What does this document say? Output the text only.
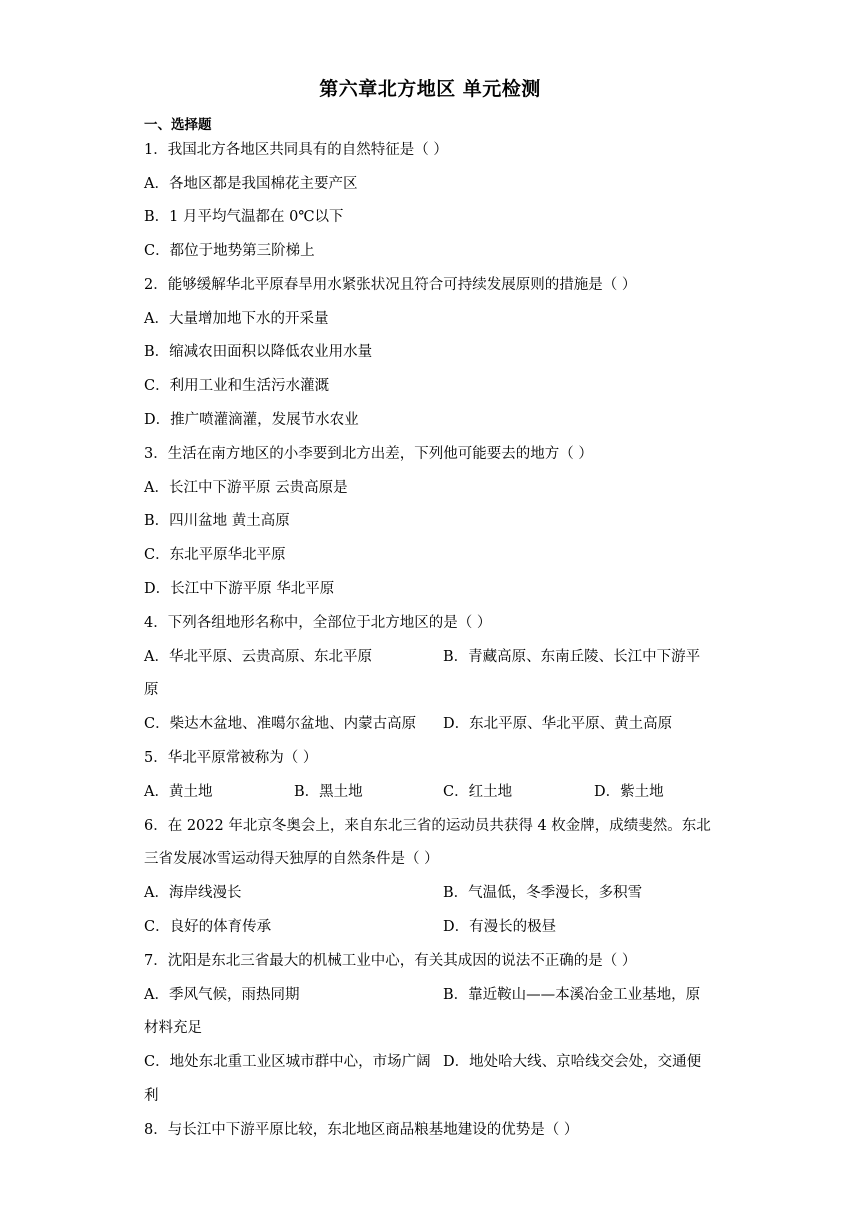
第六章北方地区 单元检测
一、选择题
1．我国北方各地区共同具有的自然特征是（ ）
A．各地区都是我国棉花主要产区
B．1 月平均气温都在 0℃以下
C．都位于地势第三阶梯上
2．能够缓解华北平原春旱用水紧张状况且符合可持续发展原则的措施是（ ）
A．大量增加地下水的开采量
B．缩减农田面积以降低农业用水量
C．利用工业和生活污水灌溉
D．推广喷灌滴灌，发展节水农业
3．生活在南方地区的小李要到北方出差，下列他可能要去的地方（ ）
A．长江中下游平原 云贵高原是
B．四川盆地 黄土高原
C．东北平原华北平原
D．长江中下游平原 华北平原
4．下列各组地形名称中，全部位于北方地区的是（ ）
A．华北平原、云贵高原、东北平原	B．青藏高原、东南丘陵、长江中下游平
原
C．柴达木盆地、准噶尔盆地、内蒙古高原 D．东北平原、华北平原、黄土高原
5．华北平原常被称为（ ）
A．黄土地	B．黑土地	C．红土地	D．紫土地
6．在 2022 年北京冬奥会上，来自东北三省的运动员共获得 4 枚金牌，成绩斐然。东北
三省发展冰雪运动得天独厚的自然条件是（ ）
A．海岸线漫长	B．气温低，冬季漫长，多积雪
C．良好的体育传承	D．有漫长的极昼
7．沈阳是东北三省最大的机械工业中心，有关其成因的说法不正确的是（ ）
A．季风气候，雨热同期	B．靠近鞍山——本溪冶金工业基地，原
材料充足
C．地处东北重工业区城市群中心，市场广阔 D．地处哈大线、京哈线交会处，交通便
利
8．与长江中下游平原比较，东北地区商品粮基地建设的优势是（ ）
